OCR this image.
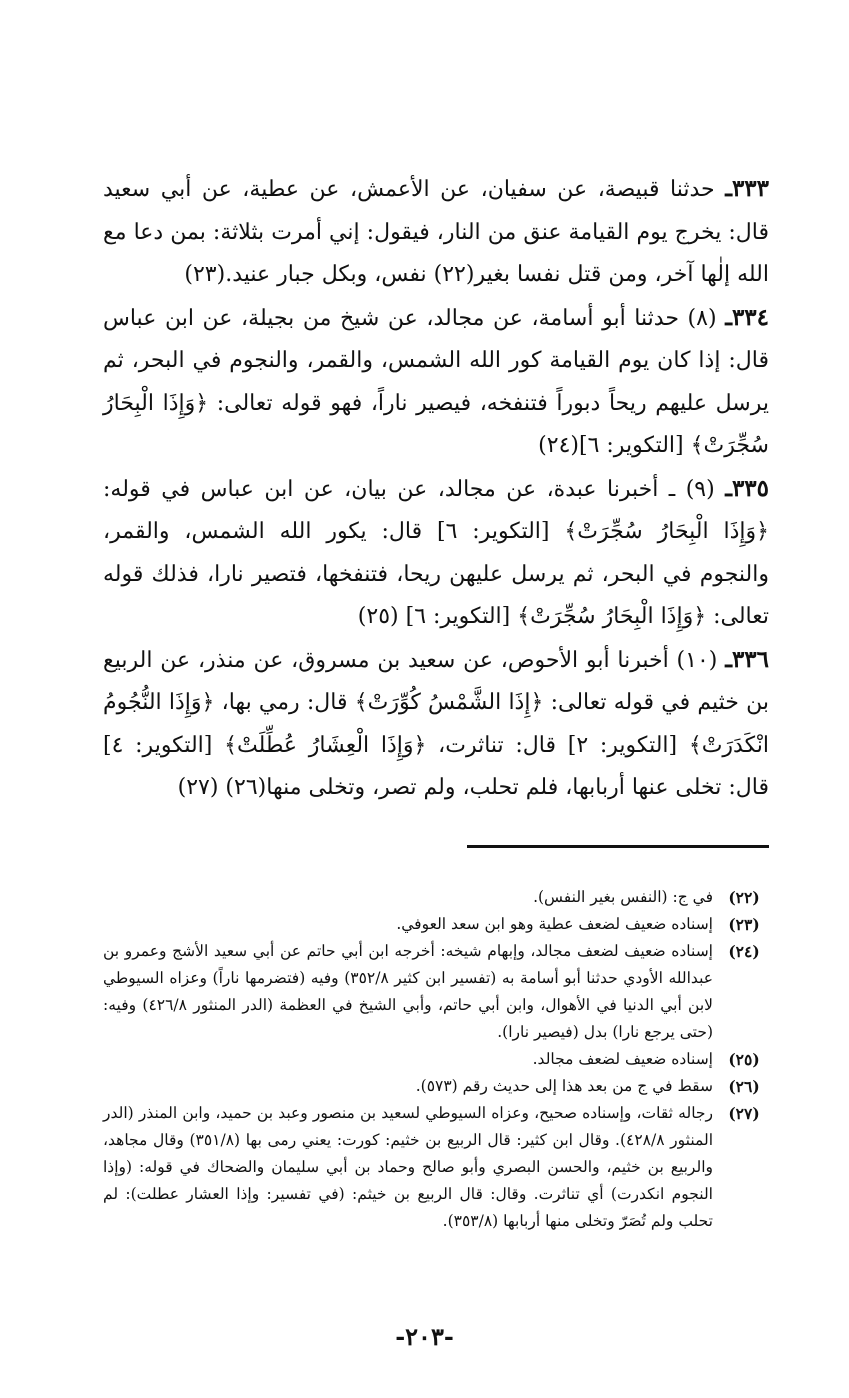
٣٣٣ـ حدثنا قبيصة، عن سفيان، عن الأعمش، عن عطية، عن أبي سعيد قال: يخرج يوم القيامة عنق من النار، فيقول: إني أمرت بثلاثة: بمن دعا مع الله إلٰها آخر، ومن قتل نفسا بغير(٢٢) نفس، وبكل جبار عنيد.(٢٣)

٣٣٤ـ (٨) حدثنا أبو أسامة، عن مجالد، عن شيخ من بجيلة، عن ابن عباس قال: إذا كان يوم القيامة كور الله الشمس، والقمر، والنجوم في البحر، ثم يرسل عليهم ريحاً دبوراً فتنفخه، فيصير ناراً، فهو قوله تعالى: ﴿وَإِذَا الْبِحَارُ سُجِّرَتْ﴾ [التكوير: ٦](٢٤)

٣٣٥ـ (٩) ـ أخبرنا عبدة، عن مجالد، عن بيان، عن ابن عباس في قوله: ﴿وَإِذَا الْبِحَارُ سُجِّرَتْ﴾ [التكوير: ٦] قال: يكور الله الشمس، والقمر، والنجوم في البحر، ثم يرسل عليهن ريحا، فتنفخها، فتصير نارا، فذلك قوله تعالى: ﴿وَإِذَا الْبِحَارُ سُجِّرَتْ﴾ [التكوير: ٦] (٢٥)

٣٣٦ـ (١٠) أخبرنا أبو الأحوص، عن سعيد بن مسروق، عن منذر، عن الربيع بن خثيم في قوله تعالى: ﴿إِذَا الشَّمْسُ كُوِّرَتْ﴾ قال: رمي بها، ﴿وَإِذَا النُّجُومُ انْكَدَرَتْ﴾ [التكوير: ٢] قال: تناثرت، ﴿وَإِذَا الْعِشَارُ عُطِّلَتْ﴾ [التكوير: ٤] قال: تخلى عنها أربابها، فلم تحلب، ولم تصر، وتخلى منها(٢٦) (٢٧)

(٢٢)
في ج: (النفس بغير النفس).
(٢٣)
إسناده ضعيف لضعف عطية وهو ابن سعد العوفي.
(٢٤)
إسناده ضعيف لضعف مجالد، وإبهام شيخه: أخرجه ابن أبي حاتم عن أبي سعيد الأشج وعمرو بن عبدالله الأودي حدثنا أبو أسامة به (تفسير ابن كثير ٣٥٢/٨) وفيه (فتضرمها ناراً) وعزاه السيوطي لابن أبي الدنيا في الأهوال، وابن أبي حاتم، وأبي الشيخ في العظمة (الدر المنثور ٤٢٦/٨) وفيه: (حتى يرجع نارا) بدل (فيصير نارا).
(٢٥)
إسناده ضعيف لضعف مجالد.
(٢٦)
سقط في ج من بعد هذا إلى حديث رقم (٥٧٣).
(٢٧)
رجاله ثقات، وإسناده صحيح، وعزاه السيوطي لسعيد بن منصور وعبد بن حميد، وابن المنذر (الدر المنثور ٤٢٨/٨). وقال ابن كثير: قال الربيع بن خثيم: كورت: يعني رمى بها (٣٥١/٨) وقال مجاهد، والربيع بن خثيم، والحسن البصري وأبو صالح وحماد بن أبي سليمان والضحاك في قوله: (وإذا النجوم انكدرت) أي تناثرت. وقال: قال الربيع بن خيثم: (في تفسير: وإذا العشار عطلت): لم تحلب ولم تُصَرّ وتخلى منها أربابها (٣٥٣/٨).
-٢٠٣-
